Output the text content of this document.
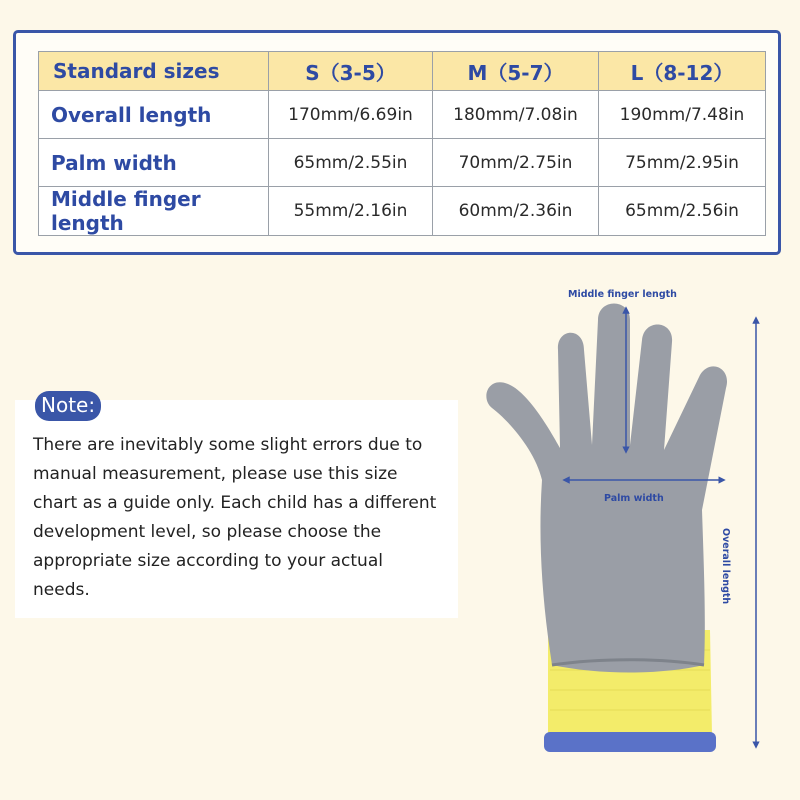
Standard sizes	S（3-5）	M（5-7）	L（8-12）
Overall length	170mm/6.69in	180mm/7.08in	190mm/7.48in
Palm width	65mm/2.55in	70mm/2.75in	75mm/2.95in
Middle finger length	55mm/2.16in	60mm/2.36in	65mm/2.56in
Note:
There are inevitably some slight errors due to manual measurement, please use this size chart as a guide only. Each child has a different development level, so please choose the appropriate size according to your actual needs.
Middle finger length
Palm width
Overall length
